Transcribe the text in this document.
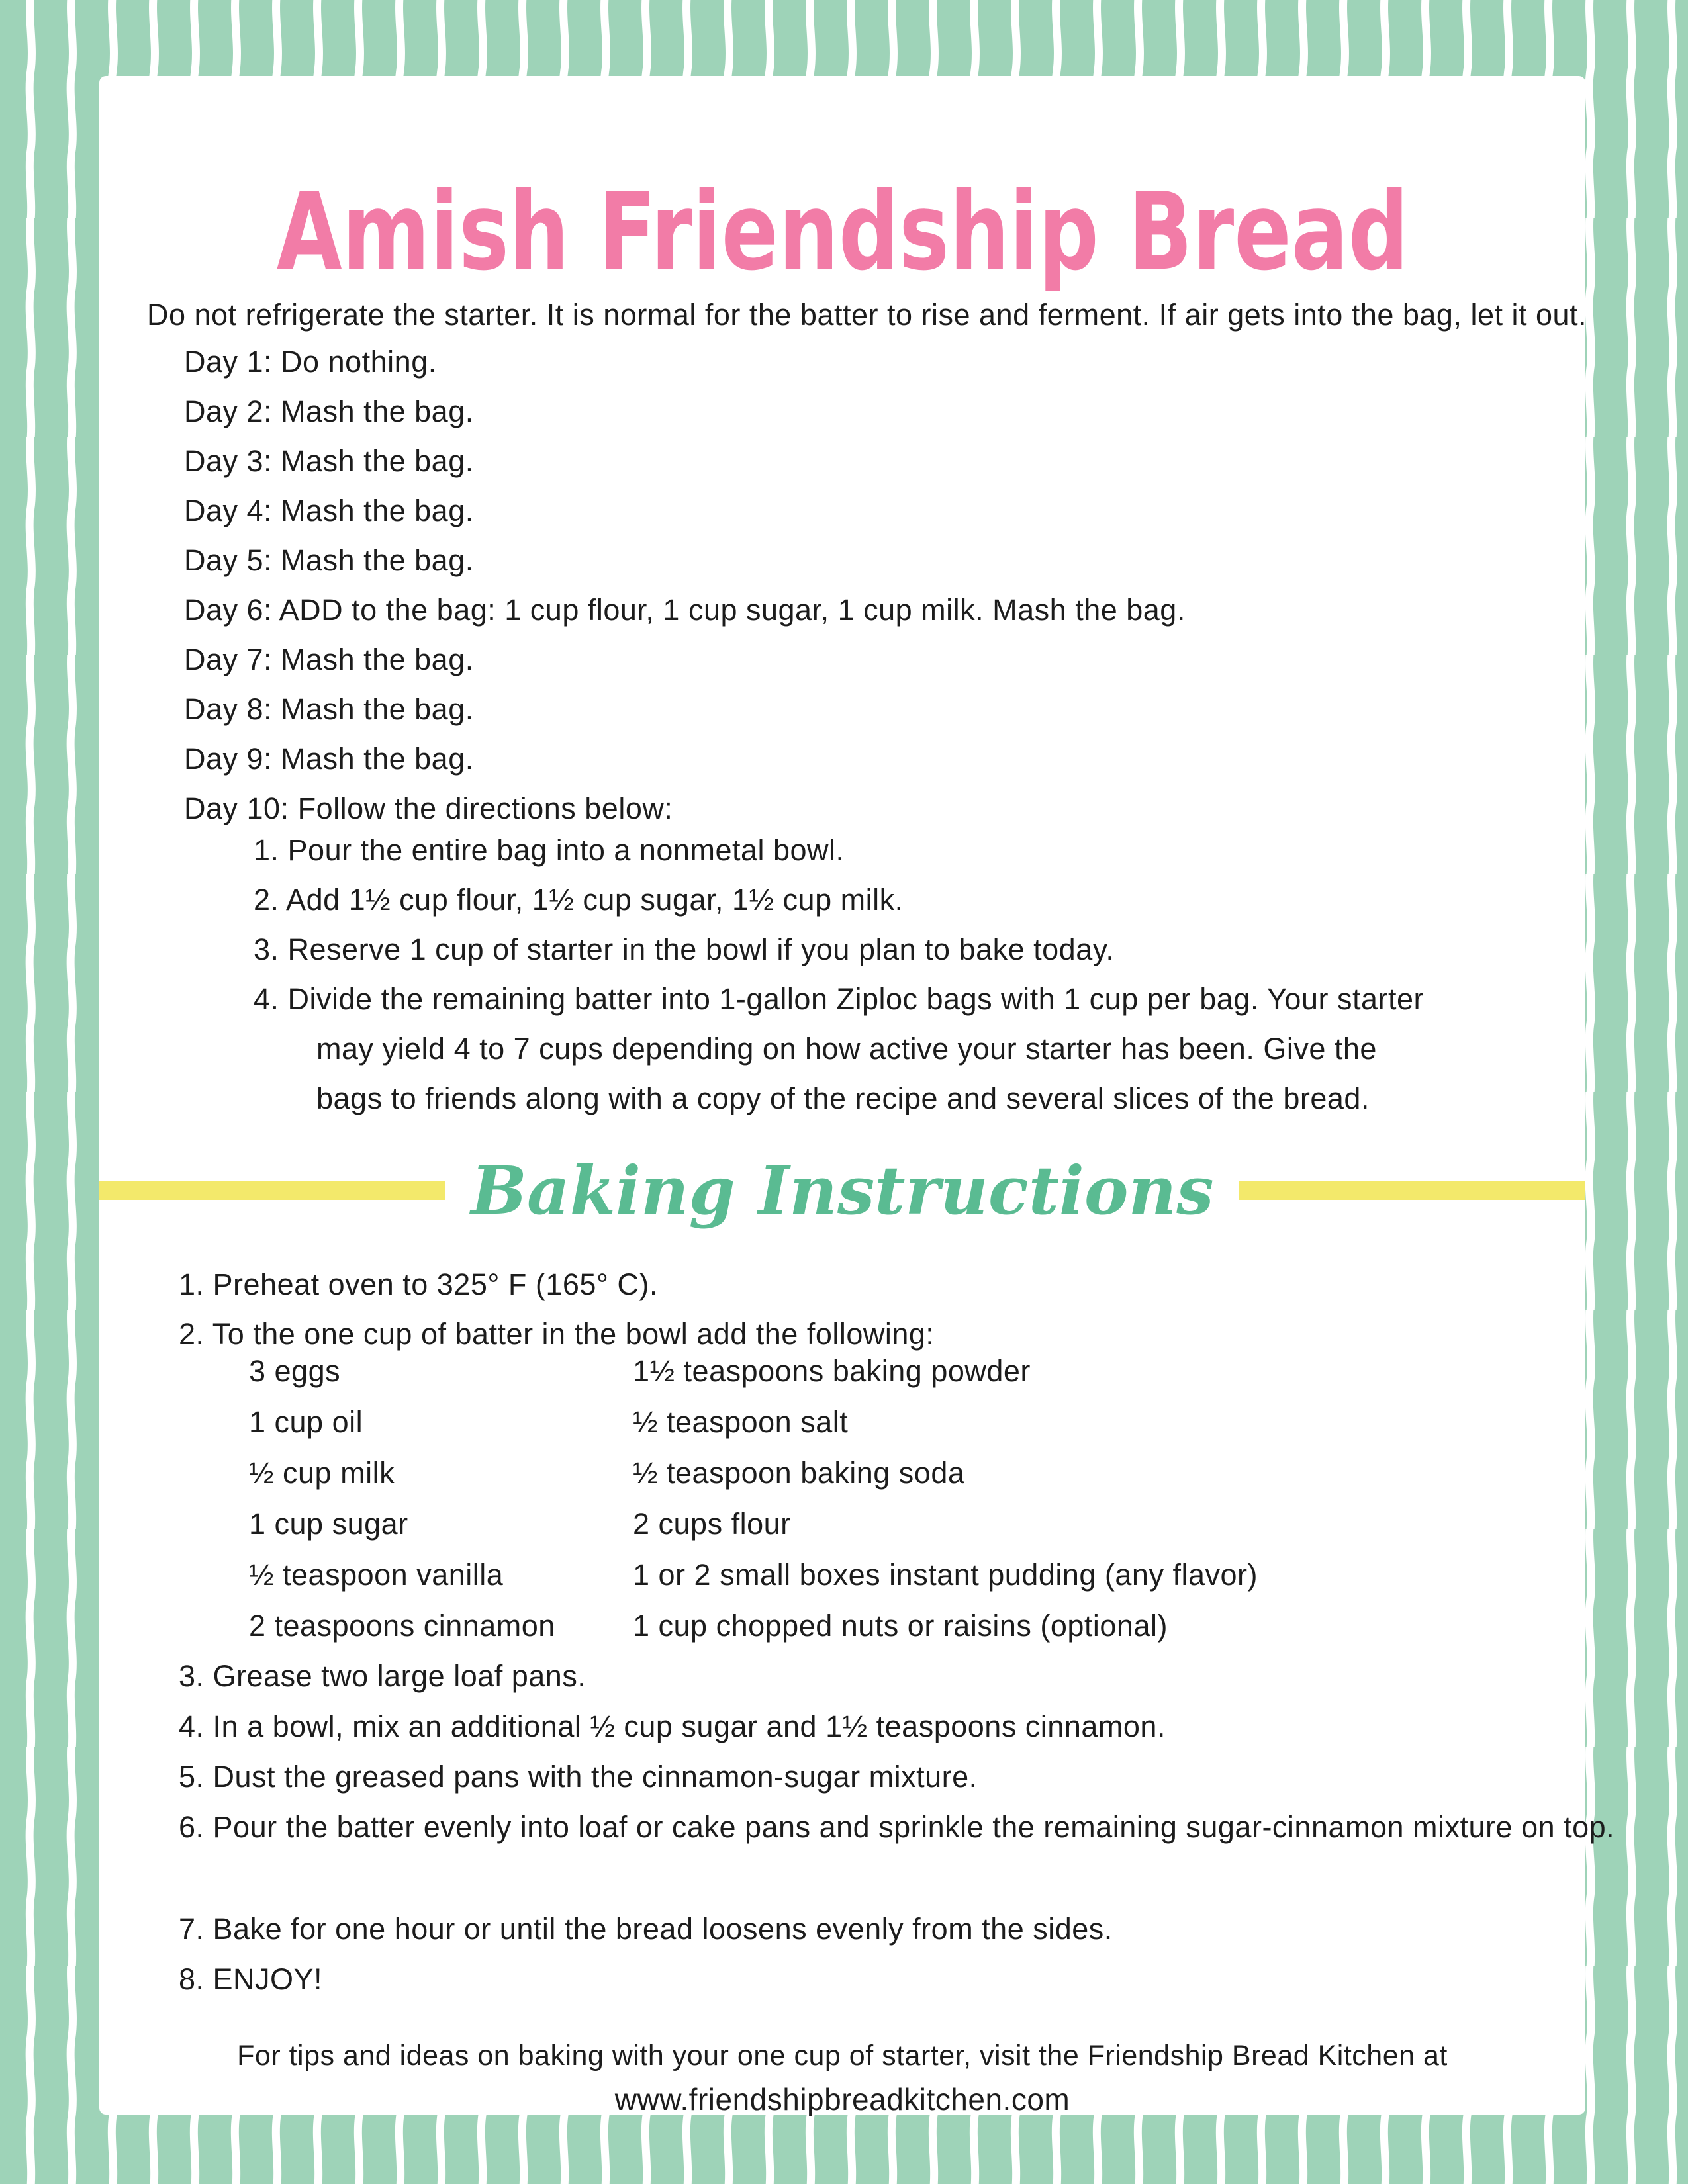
Amish Friendship Bread

Do not refrigerate the starter. It is normal for the batter to rise and ferment. If air gets into the bag, let it out.

Day 1: Do nothing.
Day 2: Mash the bag.
Day 3: Mash the bag.
Day 4: Mash the bag.
Day 5: Mash the bag.
Day 6: ADD to the bag: 1 cup flour, 1 cup sugar, 1 cup milk. Mash the bag.
Day 7: Mash the bag.
Day 8: Mash the bag.
Day 9: Mash the bag.
Day 10: Follow the directions below:
1. Pour the entire bag into a nonmetal bowl.
2. Add 1½ cup flour, 1½ cup sugar, 1½ cup milk.
3. Reserve 1 cup of starter in the bowl if you plan to bake today.
4. Divide the remaining batter into 1-gallon Ziploc bags with 1 cup per bag. Your starter may yield 4 to 7 cups depending on how active your starter has been. Give the bags to friends along with a copy of the recipe and several slices of the bread.
Baking Instructions
1. Preheat oven to 325° F (165° C).
2. To the one cup of batter in the bowl add the following:
3 eggs
1 cup oil
½ cup milk
1 cup sugar
½ teaspoon vanilla
2 teaspoons cinnamon
1½ teaspoons baking powder
½ teaspoon salt
½ teaspoon baking soda
2 cups flour
1 or 2 small boxes instant pudding (any flavor)
1 cup chopped nuts or raisins (optional)
3. Grease two large loaf pans.
4. In a bowl, mix an additional ½ cup sugar and 1½ teaspoons cinnamon.
5. Dust the greased pans with the cinnamon-sugar mixture.
6. Pour the batter evenly into loaf or cake pans and sprinkle the remaining sugar-cinnamon mixture on top.
7. Bake for one hour or until the bread loosens evenly from the sides.
8. ENJOY!

For tips and ideas on baking with your one cup of starter, visit the Friendship Bread Kitchen at

www.friendshipbreadkitchen.com
